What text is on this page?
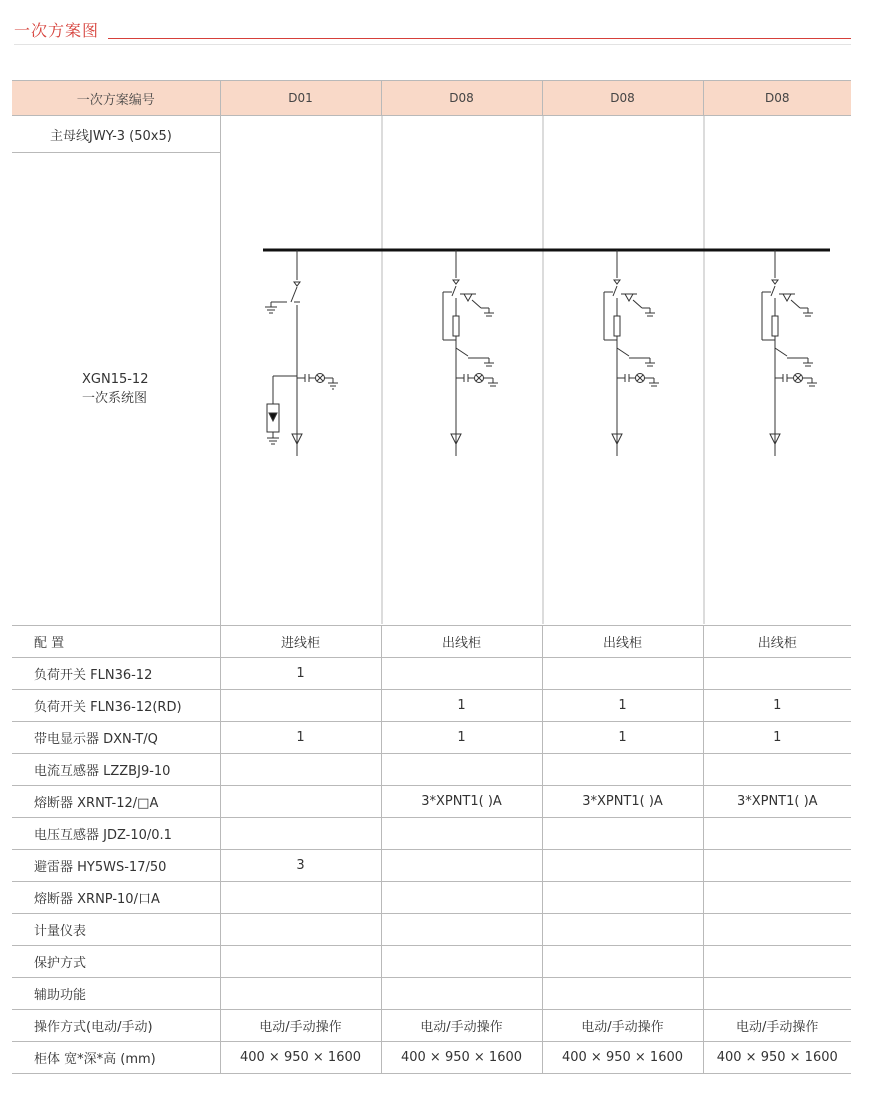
一次方案图
一次方案编号	D01	D08	D08	D08

主母线JWY-3 (50x5)
XGN15-12
一次系统图

配 置	进线柜	出线柜	出线柜	出线柜
负荷开关 FLN36-12	1			
负荷开关 FLN36-12(RD)		1	1	1
带电显示器 DXN-T/Q	1	1	1	1
电流互感器 LZZBJ9-10				
熔断器 XRNT-12/□A		3*XPNT1( )A	3*XPNT1( )A	3*XPNT1( )A
电压互感器 JDZ-10/0.1				
避雷器 HY5WS-17/50	3			
熔断器 XRNP-10/口A				
计量仪表				
保护方式				
辅助功能				
操作方式(电动/手动)	电动/手动操作	电动/手动操作	电动/手动操作	电动/手动操作
柜体 宽*深*高 (mm)	400 × 950 × 1600	400 × 950 × 1600	400 × 950 × 1600	400 × 950 × 1600
